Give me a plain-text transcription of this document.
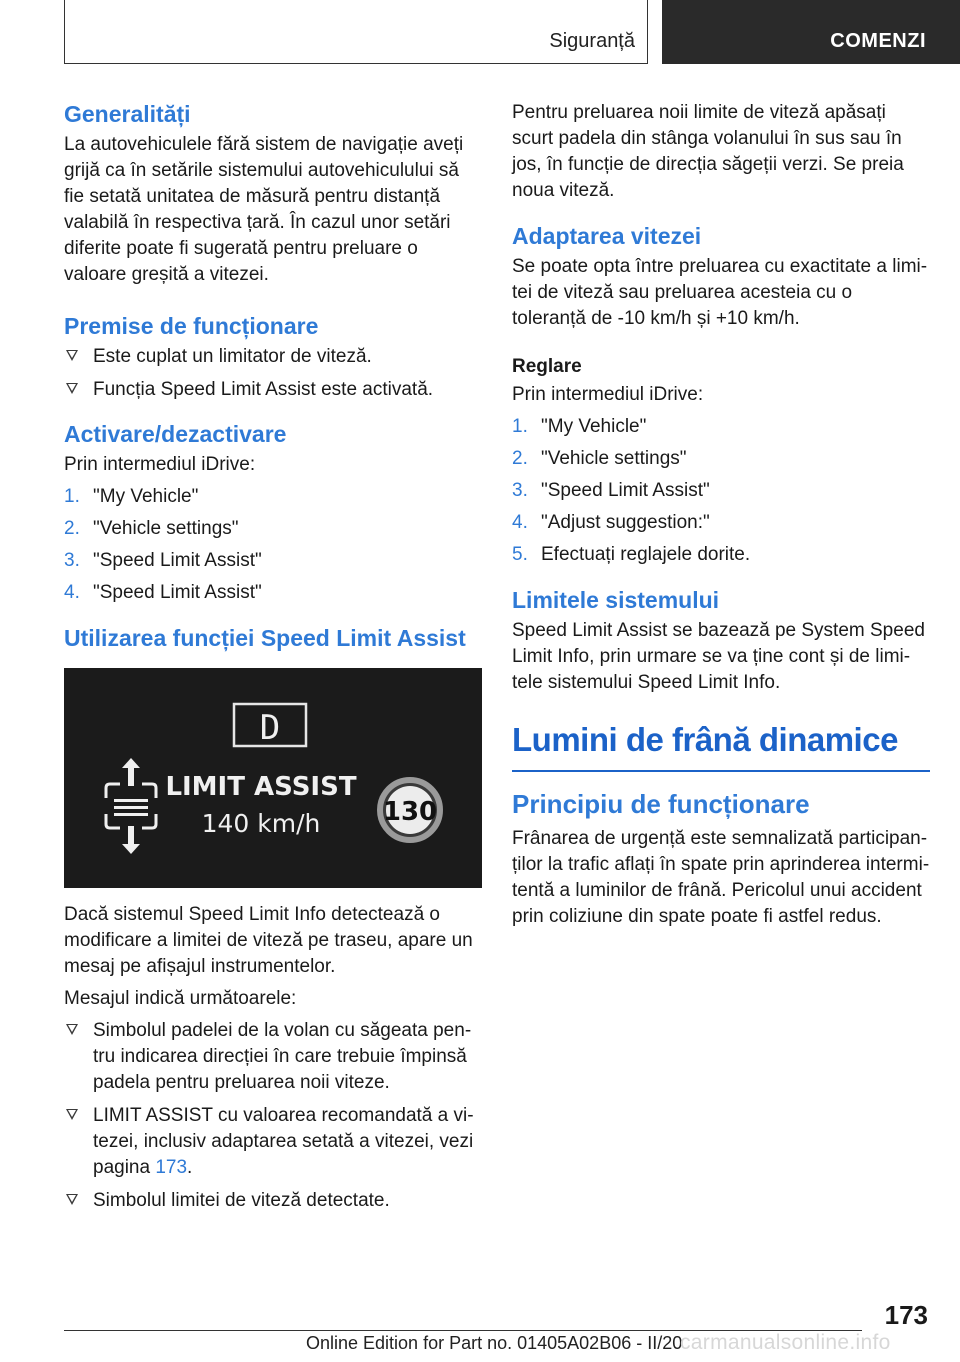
Siguranță	COMENZI
Generalități

La autovehiculele fără sistem de navigație aveți grijă ca în setările sistemului autovehiculului să fie setată unitatea de măsură pentru distanță valabilă în respectiva țară. În cazul unor setări diferite poate fi sugerată pentru preluare o valoare greșită a vitezei.

Premise de funcționare
Este cuplat un limitator de viteză.
Funcția Speed Limit Assist este activată.
Activare/dezactivare

Prin intermediul iDrive:

1. "My Vehicle"
2. "Vehicle settings"
3. "Speed Limit Assist"
4. "Speed Limit Assist"
Utilizarea funcției Speed Limit Assist
D
LIMIT ASSIST
140 km/h 130

Dacă sistemul Speed Limit Info detectează o modificare a limitei de viteză pe traseu, apare un mesaj pe afișajul instrumentelor.

Mesajul indică următoarele:

Simbolul padelei de la volan cu săgeata pentru indicarea direcției în care trebuie împinsă padela pentru preluarea noii viteze.
LIMIT ASSIST cu valoarea recomandată a vitezei, inclusiv adaptarea setată a vitezei, vezi pagina 173.
Simbolul limitei de viteză detectate.

Pentru preluarea noii limite de viteză apăsați scurt padela din stânga volanului în sus sau în jos, în funcție de direcția săgeții verzi. Se preia noua viteză.

Adaptarea vitezei

Se poate opta între preluarea cu exactitate a limitei de viteză sau preluarea acesteia cu o toleranță de -10 km/h și +10 km/h.

Reglare

Prin intermediul iDrive:

1. "My Vehicle"
2. "Vehicle settings"
3. "Speed Limit Assist"
4. "Adjust suggestion:"
5. Efectuați reglajele dorite.
Limitele sistemului

Speed Limit Assist se bazează pe System Speed Limit Info, prin urmare se va ține cont și de limitele sistemului Speed Limit Info.

Lumini de frână dinamice
Principiu de funcționare

Frânarea de urgență este semnalizată participanților la trafic aflați în spate prin aprinderea intermitentă a luminilor de frână. Pericolul unui accident prin coliziune din spate poate fi astfel redus.

173
Online Edition for Part no. 01405A02B06 - II/20
carmanualsonline.info
